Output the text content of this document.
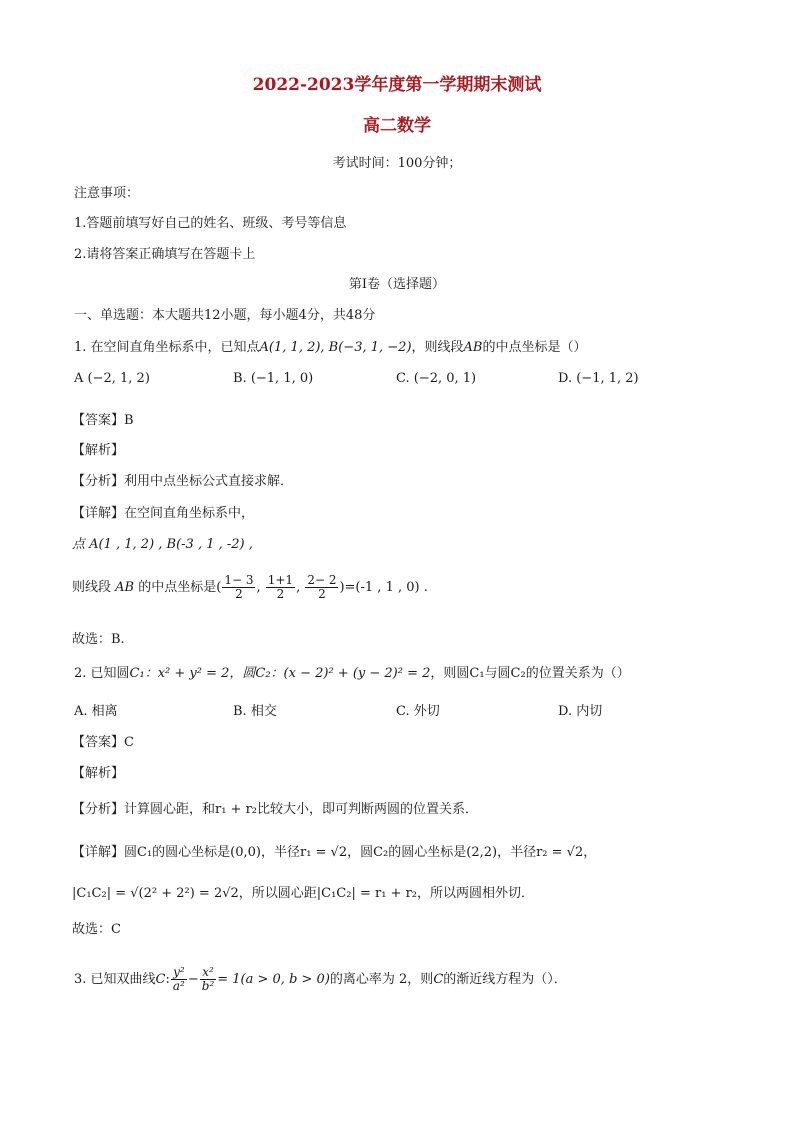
2022-2023学年度第一学期期末测试
高二数学
考试时间：100分钟；
注意事项：
1.答题前填写好自己的姓名、班级、考号等信息
2.请将答案正确填写在答题卡上
第I卷（选择题）
一、单选题：本大题共12小题，每小题4分，共48分
1. 在空间直角坐标系中，已知点A(1, 1, 2), B(−3, 1, −2)，则线段AB的中点坐标是（）
A (−2, 1, 2)	B. (−1, 1, 0)	C. (−2, 0, 1)	D. (−1, 1, 2)
【答案】B
【解析】
【分析】利用中点坐标公式直接求解．
【详解】在空间直角坐标系中，
点 A(1 , 1, 2) , B(-3 , 1 , -2) ,
则线段 AB 的中点坐标是( $\frac{1- 3}{2}$ , $\frac{1+1}{2}$ , $\frac{2- 2}{2} )=(-1$ , 1 , 0) .
故选：B.
2. 已知圆C₁：x² + y² = 2，圆C₂：(x − 2)² + (y − 2)² = 2，则圆C₁与圆C₂的位置关系为（）
A. 相离	B. 相交	C. 外切	D. 内切
【答案】C
【解析】
【分析】计算圆心距，和r₁ + r₂比较大小，即可判断两圆的位置关系．
【详解】圆C₁的圆心坐标是(0,0)，半径r₁ = √2，圆C₂的圆心坐标是(2,2)，半径r₂ = √2，
|C₁C₂| = √(2² + 2²) = 2√2，所以圆心距|C₁C₂| = r₁ + r₂，所以两圆相外切．
故选：C
3. 已知双曲线C: $\frac{\text{y²}}{\text{a²}} - \frac{\text{x²}}{\text{b²}} = 1(a > 0$, b > 0)的离心率为 2，则C的渐近线方程为（）．
